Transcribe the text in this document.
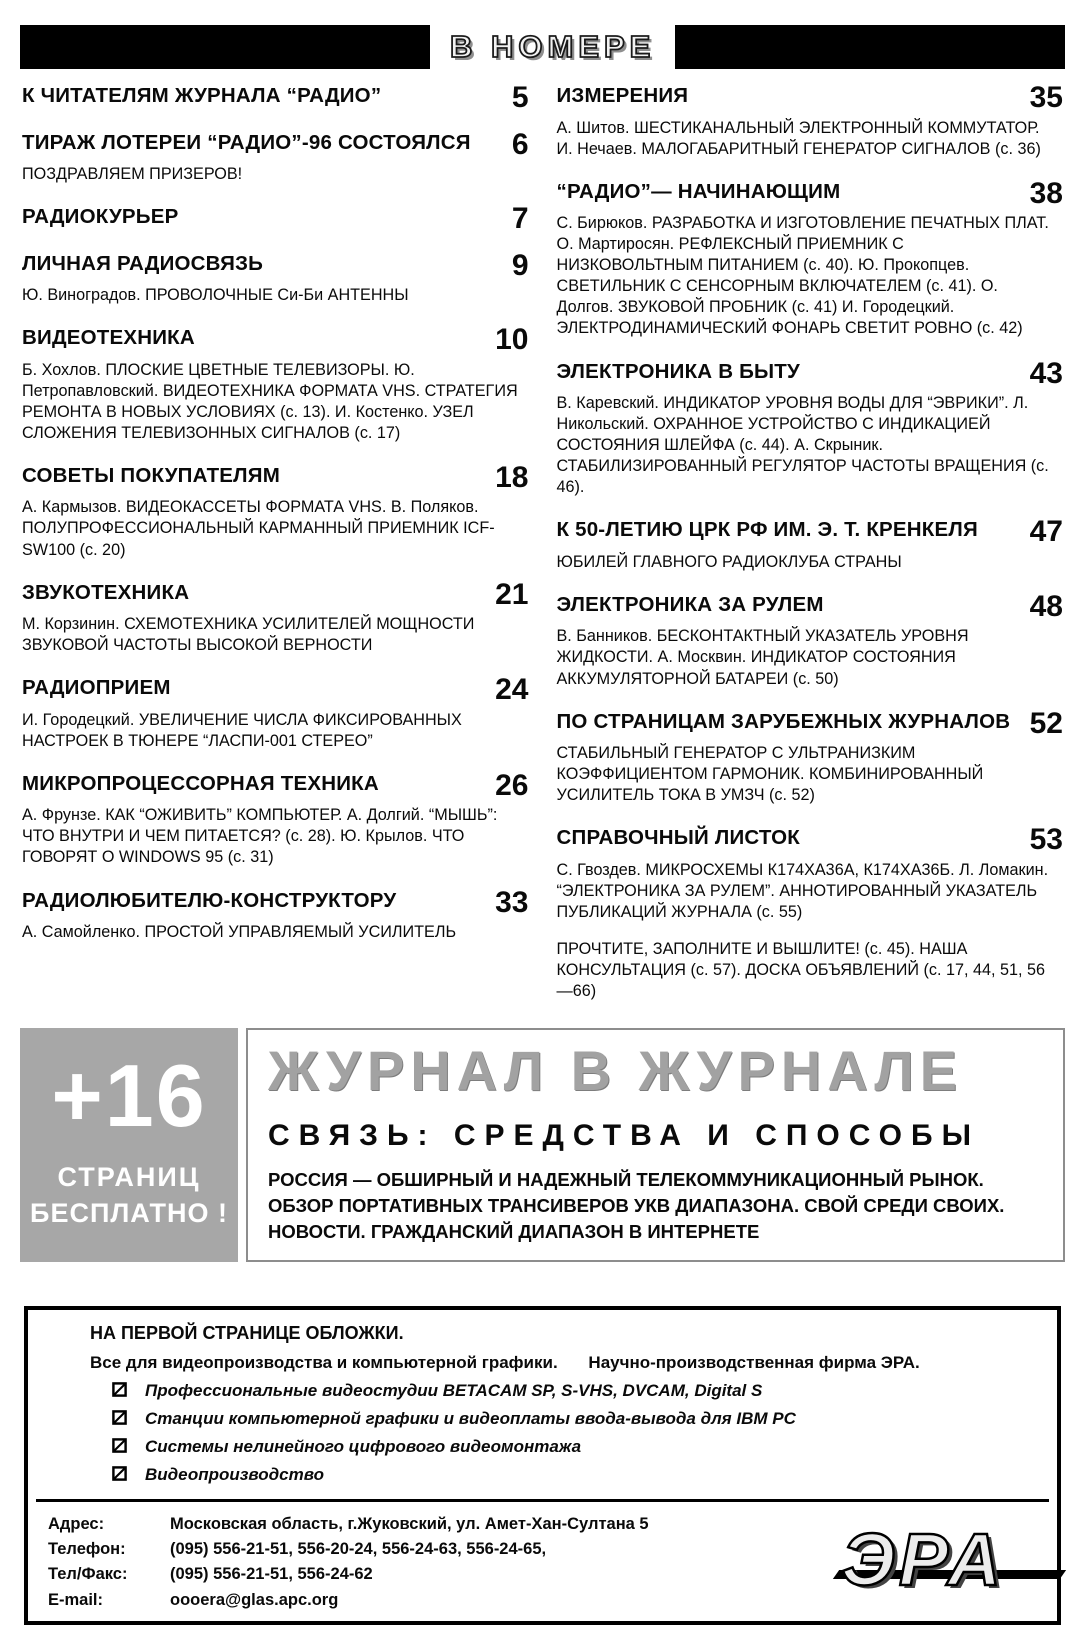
В НОМЕРЕ
К ЧИТАТЕЛЯМ ЖУРНАЛА “РАДИО”	5
ТИРАЖ ЛОТЕРЕИ “РАДИО”-96 СОСТОЯЛСЯ	6

ПОЗДРАВЛЯЕМ ПРИЗЕРОВ!

РАДИОКУРЬЕР	7
ЛИЧНАЯ РАДИОСВЯЗЬ	9

Ю. Виноградов. ПРОВОЛОЧНЫЕ Си-Би АНТЕННЫ

ВИДЕОТЕХНИКА	10

Б. Хохлов. ПЛОСКИЕ ЦВЕТНЫЕ ТЕЛЕВИЗОРЫ. Ю. Петропавловский. ВИДЕОТЕХНИКА ФОРМАТА VHS. СТРАТЕГИЯ РЕМОНТА В НОВЫХ УСЛОВИЯХ (с. 13). И. Костенко. УЗЕЛ СЛОЖЕНИЯ ТЕЛЕВИЗОННЫХ СИГНАЛОВ (с. 17)

СОВЕТЫ ПОКУПАТЕЛЯМ	18

А. Кармызов. ВИДЕОКАССЕТЫ ФОРМАТА VHS. В. Поляков. ПОЛУПРОФЕССИОНАЛЬНЫЙ КАРМАННЫЙ ПРИЕМНИК ICF-SW100 (с. 20)

ЗВУКОТЕХНИКА	21

М. Корзинин. СХЕМОТЕХНИКА УСИЛИТЕЛЕЙ МОЩНОСТИ ЗВУКОВОЙ ЧАСТОТЫ ВЫСОКОЙ ВЕРНОСТИ

РАДИОПРИЕМ	24

И. Городецкий. УВЕЛИЧЕНИЕ ЧИСЛА ФИКСИРОВАННЫХ НАСТРОЕК В ТЮНЕРЕ “ЛАСПИ-001 СТЕРЕО”

МИКРОПРОЦЕССОРНАЯ ТЕХНИКА	26

А. Фрунзе. КАК “ОЖИВИТЬ” КОМПЬЮТЕР. А. Долгий. “МЫШЬ”: ЧТО ВНУТРИ И ЧЕМ ПИТАЕТСЯ? (с. 28). Ю. Крылов. ЧТО ГОВОРЯТ О WINDOWS 95 (с. 31)

РАДИОЛЮБИТЕЛЮ-КОНСТРУКТОРУ	33

А. Самойленко. ПРОСТОЙ УПРАВЛЯЕМЫЙ УСИЛИТЕЛЬ

ИЗМЕРЕНИЯ	35

А. Шитов. ШЕСТИКАНАЛЬНЫЙ ЭЛЕКТРОННЫЙ КОММУТАТОР. И. Нечаев. МАЛОГАБАРИТНЫЙ ГЕНЕРАТОР СИГНАЛОВ (с. 36)

“РАДИО”— НАЧИНАЮЩИМ	38

С. Бирюков. РАЗРАБОТКА И ИЗГОТОВЛЕНИЕ ПЕЧАТНЫХ ПЛАТ. О. Мартиросян. РЕФЛЕКСНЫЙ ПРИЕМНИК С НИЗКОВОЛЬТНЫМ ПИТАНИЕМ (с. 40). Ю. Прокопцев. СВЕТИЛЬНИК С СЕНСОРНЫМ ВКЛЮЧАТЕЛЕМ (с. 41). О. Долгов. ЗВУКОВОЙ ПРОБНИК (с. 41) И. Городецкий. ЭЛЕКТРОДИНАМИЧЕСКИЙ ФОНАРЬ СВЕТИТ РОВНО (с. 42)

ЭЛЕКТРОНИКА В БЫТУ	43

В. Каревский. ИНДИКАТОР УРОВНЯ ВОДЫ ДЛЯ “ЭВРИКИ”. Л. Никольский. ОХРАННОЕ УСТРОЙСТВО С ИНДИКАЦИЕЙ СОСТОЯНИЯ ШЛЕЙФА (с. 44). А. Скрыник. СТАБИЛИЗИРОВАННЫЙ РЕГУЛЯТОР ЧАСТОТЫ ВРАЩЕНИЯ (с. 46).

К 50-ЛЕТИЮ ЦРК РФ ИМ. Э. Т. КРЕНКЕЛЯ	47

ЮБИЛЕЙ ГЛАВНОГО РАДИОКЛУБА СТРАНЫ

ЭЛЕКТРОНИКА ЗА РУЛЕМ	48

В. Банников. БЕСКОНТАКТНЫЙ УКАЗАТЕЛЬ УРОВНЯ ЖИДКОСТИ. А. Москвин. ИНДИКАТОР СОСТОЯНИЯ АККУМУЛЯТОРНОЙ БАТАРЕИ (с. 50)

ПО СТРАНИЦАМ ЗАРУБЕЖНЫХ ЖУРНАЛОВ 52

СТАБИЛЬНЫЙ ГЕНЕРАТОР С УЛЬТРАНИЗКИМ КОЭФФИЦИЕНТОМ ГАРМОНИК. КОМБИНИРОВАННЫЙ УСИЛИТЕЛЬ ТОКА В УМЗЧ (с. 52)

СПРАВОЧНЫЙ ЛИСТОК	53

С. Гвоздев. МИКРОСХЕМЫ К174ХА36А, К174ХА36Б. Л. Ломакин. “ЭЛЕКТРОНИКА ЗА РУЛЕМ”. АННОТИРОВАННЫЙ УКАЗАТЕЛЬ ПУБЛИКАЦИЙ ЖУРНАЛА (с. 55)

ПРОЧТИТЕ, ЗАПОЛНИТЕ И ВЫШЛИТЕ! (с. 45). НАША КОНСУЛЬТАЦИЯ (с. 57). ДОСКА ОБЪЯВЛЕНИЙ (с. 17, 44, 51, 56—66)

+16
СТРАНИЦ
БЕСПЛАТНО !
ЖУРНАЛ В ЖУРНАЛЕ
СВЯЗЬ: СРЕДСТВА И СПОСОБЫ

РОССИЯ — ОБШИРНЫЙ И НАДЕЖНЫЙ ТЕЛЕКОММУНИКАЦИОННЫЙ РЫНОК. ОБЗОР ПОРТАТИВНЫХ ТРАНСИВЕРОВ УКВ ДИАПАЗОНА. СВОЙ СРЕДИ СВОИХ. НОВОСТИ. ГРАЖДАНСКИЙ ДИАПАЗОН В ИНТЕРНЕТЕ

НА ПЕРВОЙ СТРАНИЦЕ ОБЛОЖКИ.
Все для видеопроизводства и компьютерной графики. Научно-производственная фирма ЭРА.
Профессиональные видеостудии BETACAM SP, S-VHS, DVCAM, Digital S
Станции компьютерной графики и видеоплаты ввода-вывода для IBM PC
Системы нелинейного цифрового видеомонтажа
Видеопроизводство
Адрес:	Московская область, г.Жуковский, ул. Амет-Хан-Султана 5
Телефон:	(095) 556-21-51, 556-20-24, 556-24-63, 556-24-65,
Тел/Факс:	(095) 556-21-51, 556-24-62
E-mail:	oooera@glas.apc.org	ЭРА
